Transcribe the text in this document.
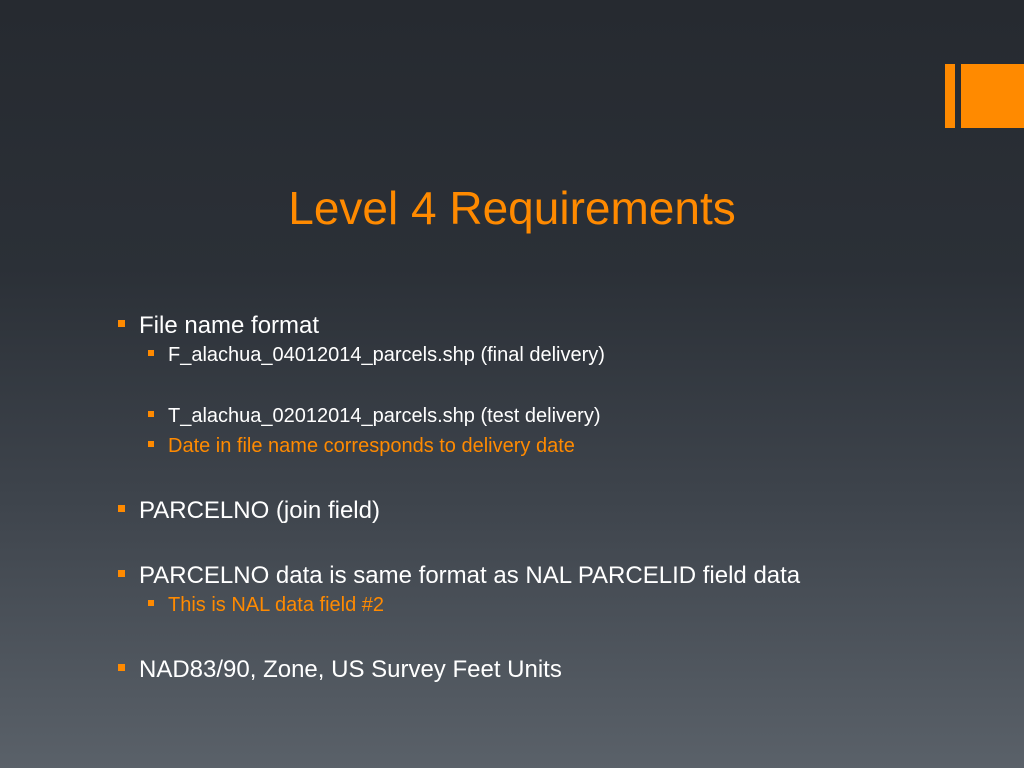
Level 4 Requirements
File name format
F_alachua_04012014_parcels.shp (final delivery)
T_alachua_02012014_parcels.shp (test delivery)
Date in file name corresponds to delivery date
PARCELNO (join field)
PARCELNO data is same format as NAL PARCELID field data
This is NAL data field #2
NAD83/90, Zone, US Survey Feet Units
